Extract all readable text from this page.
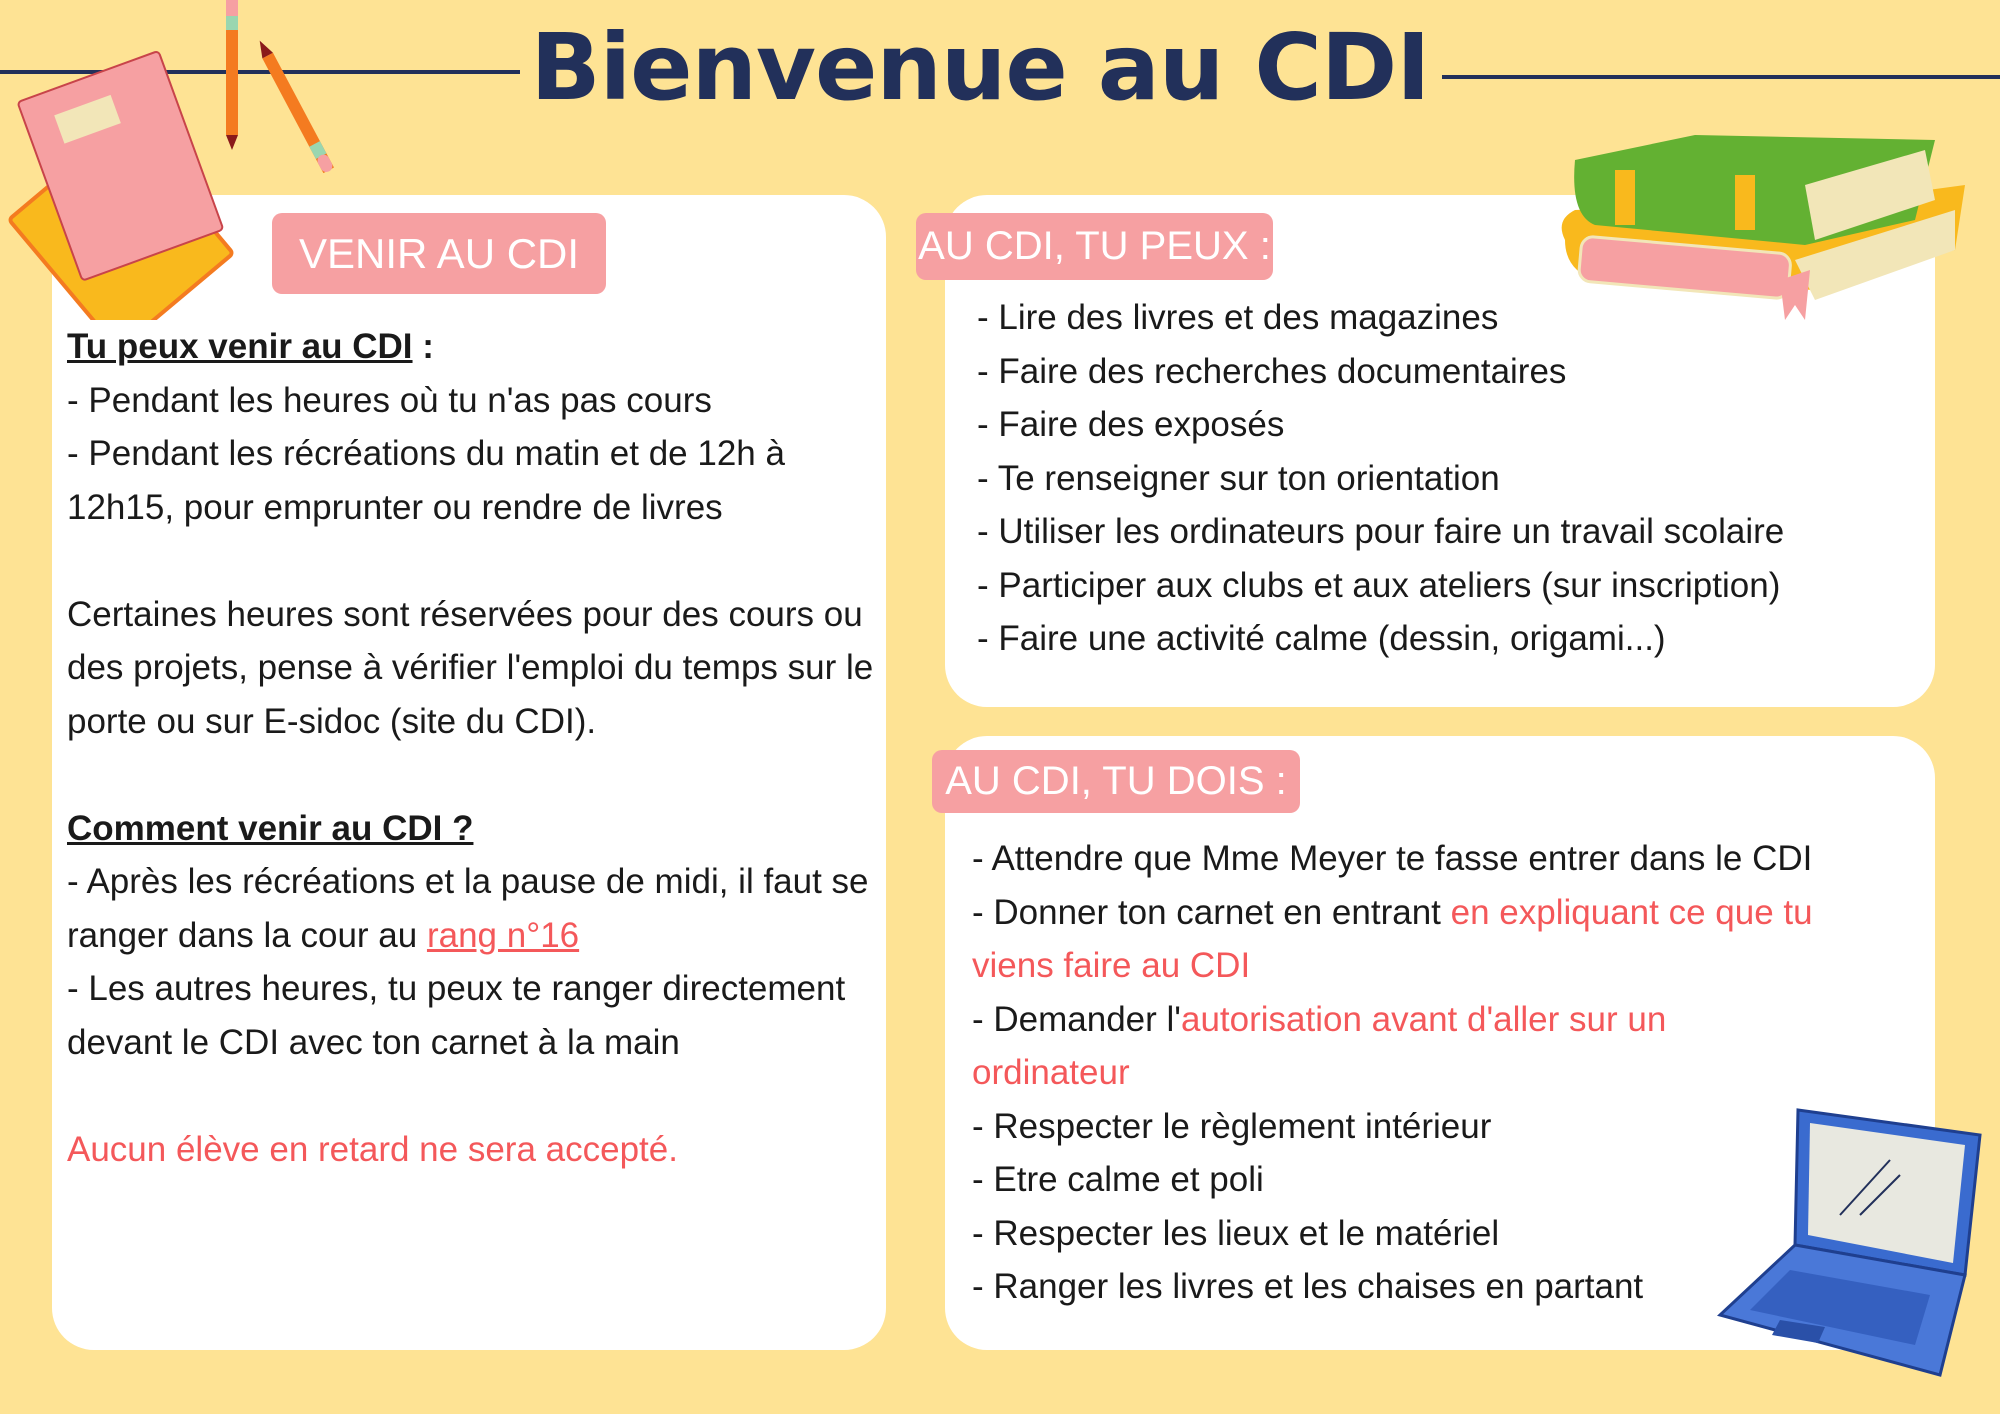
Bienvenue au CDI
VENIR AU CDI
Tu peux venir au CDI :
- Pendant les heures où tu n'as pas cours
- Pendant les récréations du matin et de 12h à 12h15, pour emprunter ou rendre de livres
Certaines heures sont réservées pour des cours ou des projets, pense à vérifier l'emploi du temps sur le porte ou sur E-sidoc (site du CDI).
Comment venir au CDI ?
- Après les récréations et la pause de midi, il faut se ranger dans la cour au rang n°16
- Les autres heures, tu peux te ranger directement devant le CDI avec ton carnet à la main
Aucun élève en retard ne sera accepté.
AU CDI, TU PEUX :
- Lire des livres et des magazines
- Faire des recherches documentaires
- Faire des exposés
- Te renseigner sur ton orientation
- Utiliser les ordinateurs pour faire un travail scolaire
- Participer aux clubs et aux ateliers (sur inscription)
- Faire une activité calme (dessin, origami...)
AU CDI, TU DOIS :
- Attendre que Mme Meyer te fasse entrer dans le CDI
- Donner ton carnet en entrant en expliquant ce que tu viens faire au CDI
- Demander l'autorisation avant d'aller sur un ordinateur
- Respecter le règlement intérieur
- Etre calme et poli
- Respecter les lieux et le matériel
- Ranger les livres et les chaises en partant
